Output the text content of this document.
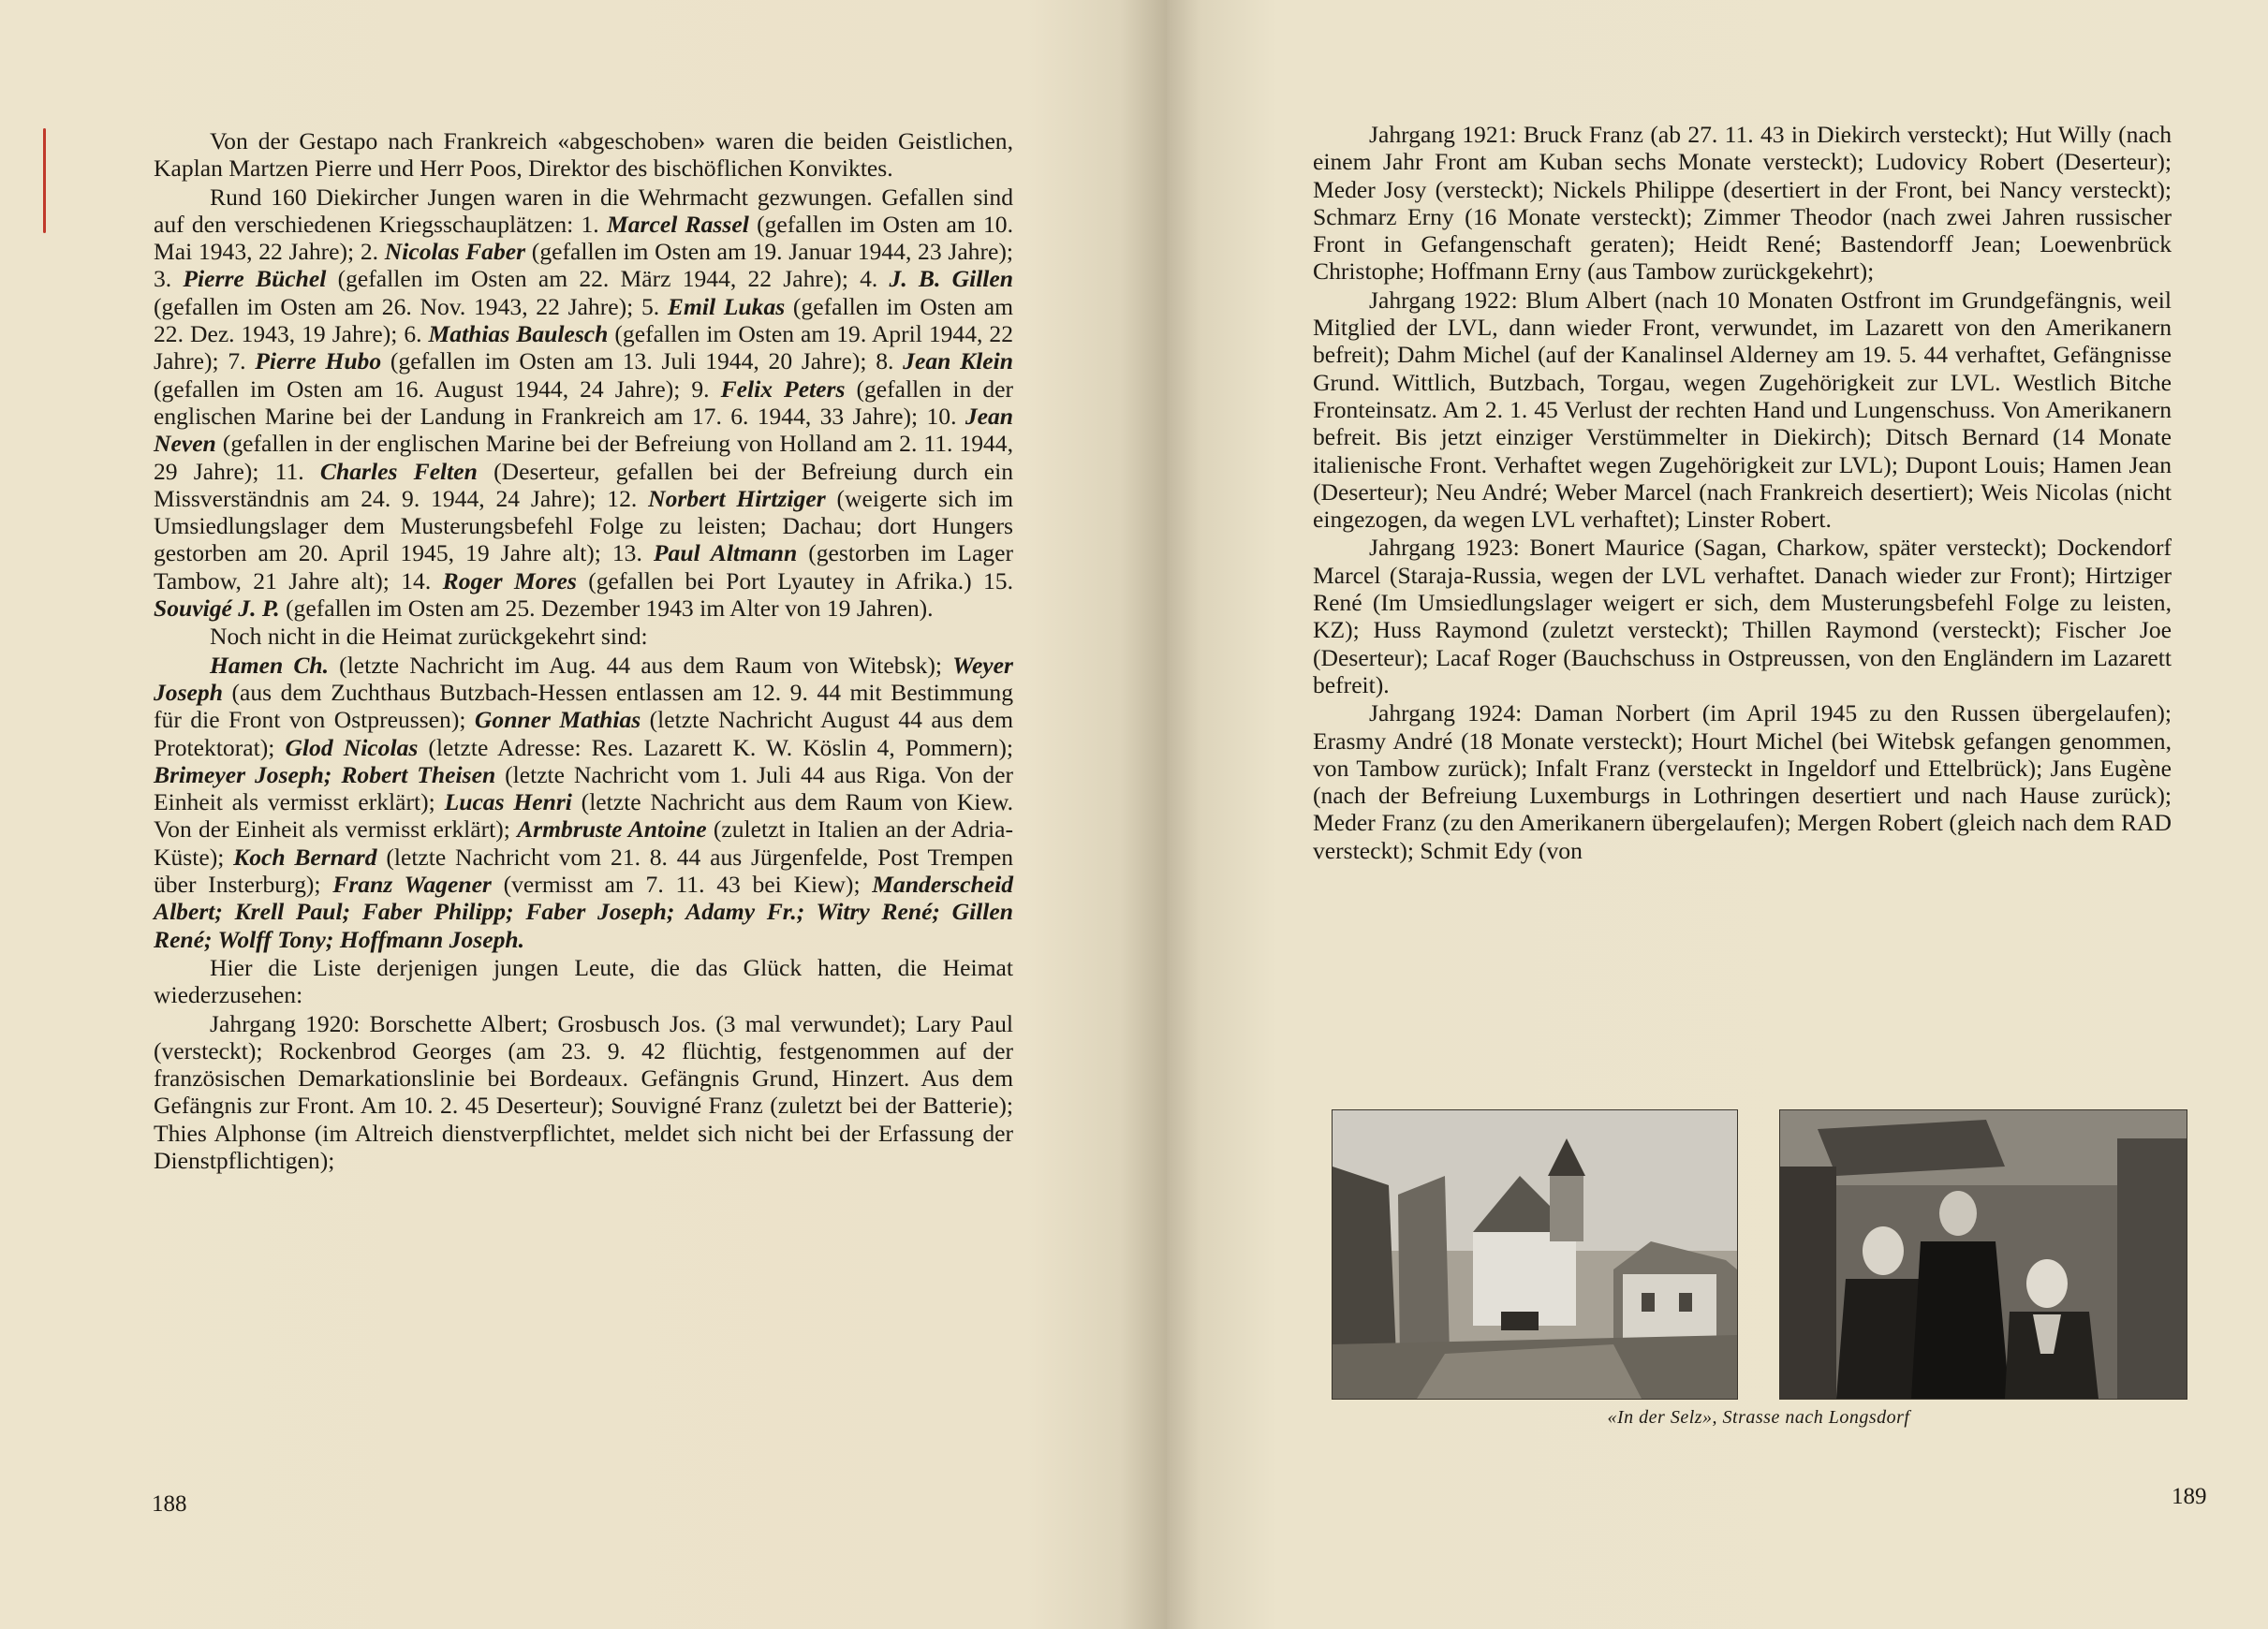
Von der Gestapo nach Frankreich «abgeschoben» waren die beiden Geistlichen, Kaplan Martzen Pierre und Herr Poos, Direktor des bischöflichen Konviktes.

Rund 160 Diekircher Jungen waren in die Wehrmacht gezwungen. Gefallen sind auf den verschiedenen Kriegsschauplätzen: 1. Marcel Rassel (gefallen im Osten am 10. Mai 1943, 22 Jahre); 2. Nicolas Faber (gefallen im Osten am 19. Januar 1944, 23 Jahre); 3. Pierre Büchel (gefallen im Osten am 22. März 1944, 22 Jahre); 4. J. B. Gillen (gefallen im Osten am 26. Nov. 1943, 22 Jahre); 5. Emil Lukas (gefallen im Osten am 22. Dez. 1943, 19 Jahre); 6. Mathias Baulesch (gefallen im Osten am 19. April 1944, 22 Jahre); 7. Pierre Hubo (gefallen im Osten am 13. Juli 1944, 20 Jahre); 8. Jean Klein (gefallen im Osten am 16. August 1944, 24 Jahre); 9. Felix Peters (gefallen in der englischen Marine bei der Landung in Frankreich am 17. 6. 1944, 33 Jahre); 10. Jean Neven (gefallen in der englischen Marine bei der Befreiung von Holland am 2. 11. 1944, 29 Jahre); 11. Charles Felten (Deserteur, gefallen bei der Befreiung durch ein Missverständnis am 24. 9. 1944, 24 Jahre); 12. Norbert Hirtziger (weigerte sich im Umsiedlungslager dem Musterungsbefehl Folge zu leisten; Dachau; dort Hungers gestorben am 20. April 1945, 19 Jahre alt); 13. Paul Altmann (gestorben im Lager Tambow, 21 Jahre alt); 14. Roger Mores (gefallen bei Port Lyautey in Afrika.) 15. Souvigé J. P. (gefallen im Osten am 25. Dezember 1943 im Alter von 19 Jahren).

Noch nicht in die Heimat zurückgekehrt sind:

Hamen Ch. (letzte Nachricht im Aug. 44 aus dem Raum von Witebsk); Weyer Joseph (aus dem Zuchthaus Butzbach-Hessen entlassen am 12. 9. 44 mit Bestimmung für die Front von Ostpreussen); Gonner Mathias (letzte Nachricht August 44 aus dem Protektorat); Glod Nicolas (letzte Adresse: Res. Lazarett K. W. Köslin 4, Pommern); Brimeyer Joseph; Robert Theisen (letzte Nachricht vom 1. Juli 44 aus Riga. Von der Einheit als vermisst erklärt); Lucas Henri (letzte Nachricht aus dem Raum von Kiew. Von der Einheit als vermisst erklärt); Armbruste Antoine (zuletzt in Italien an der Adria-Küste); Koch Bernard (letzte Nachricht vom 21. 8. 44 aus Jürgenfelde, Post Trempen über Insterburg); Franz Wagener (vermisst am 7. 11. 43 bei Kiew); Manderscheid Albert; Krell Paul; Faber Philipp; Faber Joseph; Adamy Fr.; Witry René; Gillen René; Wolff Tony; Hoffmann Joseph.

Hier die Liste derjenigen jungen Leute, die das Glück hatten, die Heimat wiederzusehen:

Jahrgang 1920: Borschette Albert; Grosbusch Jos. (3 mal verwundet); Lary Paul (versteckt); Rockenbrod Georges (am 23. 9. 42 flüchtig, festgenommen auf der französischen Demarkationslinie bei Bordeaux. Gefängnis Grund, Hinzert. Aus dem Gefängnis zur Front. Am 10. 2. 45 Deserteur); Souvigné Franz (zuletzt bei der Batterie); Thies Alphonse (im Altreich dienstverpflichtet, meldet sich nicht bei der Erfassung der Dienstpflichtigen);

188

Jahrgang 1921: Bruck Franz (ab 27. 11. 43 in Diekirch versteckt); Hut Willy (nach einem Jahr Front am Kuban sechs Monate versteckt); Ludovicy Robert (Deserteur); Meder Josy (versteckt); Nickels Philippe (desertiert in der Front, bei Nancy versteckt); Schmarz Erny (16 Monate versteckt); Zimmer Theodor (nach zwei Jahren russischer Front in Gefangenschaft geraten); Heidt René; Bastendorff Jean; Loewenbrück Christophe; Hoffmann Erny (aus Tambow zurückgekehrt);

Jahrgang 1922: Blum Albert (nach 10 Monaten Ostfront im Grundgefängnis, weil Mitglied der LVL, dann wieder Front, verwundet, im Lazarett von den Amerikanern befreit); Dahm Michel (auf der Kanalinsel Alderney am 19. 5. 44 verhaftet, Gefängnisse Grund. Wittlich, Butzbach, Torgau, wegen Zugehörigkeit zur LVL. Westlich Bitche Fronteinsatz. Am 2. 1. 45 Verlust der rechten Hand und Lungenschuss. Von Amerikanern befreit. Bis jetzt einziger Verstümmelter in Diekirch); Ditsch Bernard (14 Monate italienische Front. Verhaftet wegen Zugehörigkeit zur LVL); Dupont Louis; Hamen Jean (Deserteur); Neu André; Weber Marcel (nach Frankreich desertiert); Weis Nicolas (nicht eingezogen, da wegen LVL verhaftet); Linster Robert.

Jahrgang 1923: Bonert Maurice (Sagan, Charkow, später versteckt); Dockendorf Marcel (Staraja-Russia, wegen der LVL verhaftet. Danach wieder zur Front); Hirtziger René (Im Umsiedlungslager weigert er sich, dem Musterungsbefehl Folge zu leisten, KZ); Huss Raymond (zuletzt versteckt); Thillen Raymond (versteckt); Fischer Joe (Deserteur); Lacaf Roger (Bauchschuss in Ostpreussen, von den Engländern im Lazarett befreit).

Jahrgang 1924: Daman Norbert (im April 1945 zu den Russen übergelaufen); Erasmy André (18 Monate versteckt); Hourt Michel (bei Witebsk gefangen genommen, von Tambow zurück); Infalt Franz (versteckt in Ingeldorf und Ettelbrück); Jans Eugène (nach der Befreiung Luxemburgs in Lothringen desertiert und nach Hause zurück); Meder Franz (zu den Amerikanern übergelaufen); Mergen Robert (gleich nach dem RAD versteckt); Schmit Edy (von

«In der Selz», Strasse nach Longsdorf
189
